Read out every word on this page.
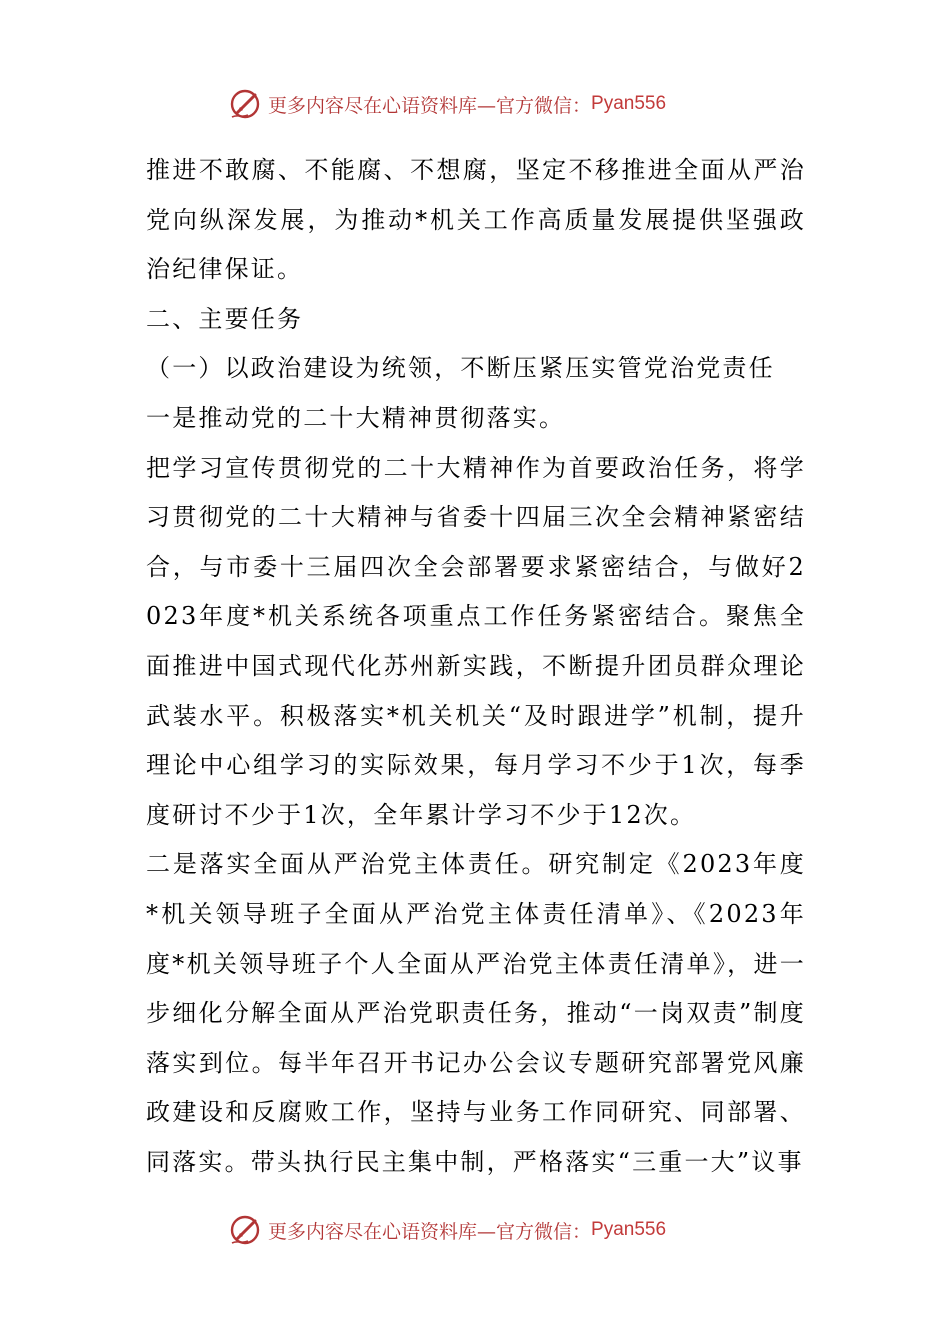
更多内容尽在心语资料库—官方微信： Pyan556

推进不敢腐、不能腐、不想腐，坚定不移推进全面从严治党向纵深发展，为推动*机关工作高质量发展提供坚强政治纪律保证。

二、主要任务

（一）以政治建设为统领，不断压紧压实管党治党责任

一是推动党的二十大精神贯彻落实。

把学习宣传贯彻党的二十大精神作为首要政治任务，将学习贯彻党的二十大精神与省委十四届三次全会精神紧密结合，与市委十三届四次全会部署要求紧密结合，与做好2023年度*机关系统各项重点工作任务紧密结合。聚焦全面推进中国式现代化苏州新实践，不断提升团员群众理论武装水平。积极落实*机关机关“及时跟进学”机制，提升理论中心组学习的实际效果，每月学习不少于1次，每季度研讨不少于1次，全年累计学习不少于12次。

二是落实全面从严治党主体责任。研究制定《2023年度*机关领导班子全面从严治党主体责任清单》、《2023年度*机关领导班子个人全面从严治党主体责任清单》，进一步细化分解全面从严治党职责任务，推动“一岗双责”制度落实到位。每半年召开书记办公会议专题研究部署党风廉政建设和反腐败工作，坚持与业务工作同研究、同部署、同落实。带头执行民主集中制，严格落实“三重一大”议事

更多内容尽在心语资料库—官方微信： Pyan556
